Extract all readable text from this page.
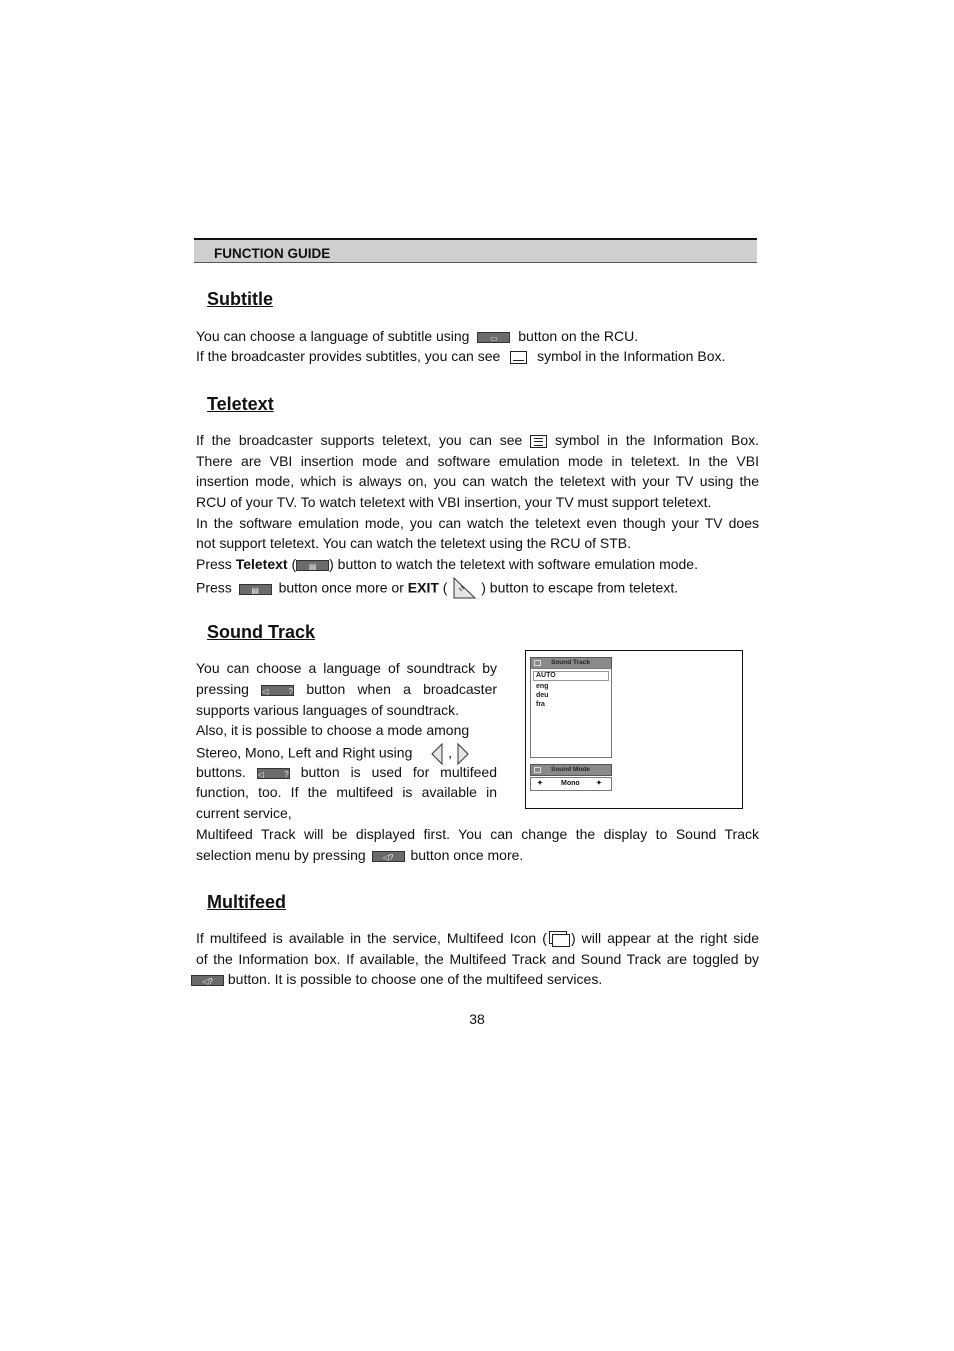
FUNCTION GUIDE
Subtitle
You can choose a language of subtitle using	▭ button on the RCU.
If the broadcaster provides subtitles, you can see	symbol in the Information Box.
Teletext
If the broadcaster supports teletext, you can see symbol in the Information Box.
There are VBI insertion mode and software emulation mode in teletext. In the VBI
insertion mode, which is always on, you can watch the teletext with your TV using the
RCU of your TV. To watch teletext with VBI insertion, your TV must support teletext.
In the software emulation mode, you can watch the teletext even though your TV does
not support teletext. You can watch the teletext using the RCU of STB.
Press Teletext ( ▤ ) button to watch the teletext with software emulation mode.
Press ▤ button once more or EXIT ( ) button to escape from teletext.
Sound Track
You can choose a language of soundtrack by
pressing ◁? button when a broadcaster
supports various languages of soundtrack.
Also, it is possible to choose a mode among
Stereo, Mono, Left and Right using	,
buttons. ◁? button is used for multifeed
function, too. If the multifeed is available in
current service,
Multifeed Track will be displayed first. You can change the display to Sound Track
selection menu by pressing ◁? button once more.
Sound Track
AUTO
eng
deu
fra
Sound Mode
✦	Mono ✦
Multifeed
If multifeed is available in the service, Multifeed Icon ( ) will appear at the right side
of the Information box. If available, the Multifeed Track and Sound Track are toggled by
◁? button. It is possible to choose one of the multifeed services.
38
